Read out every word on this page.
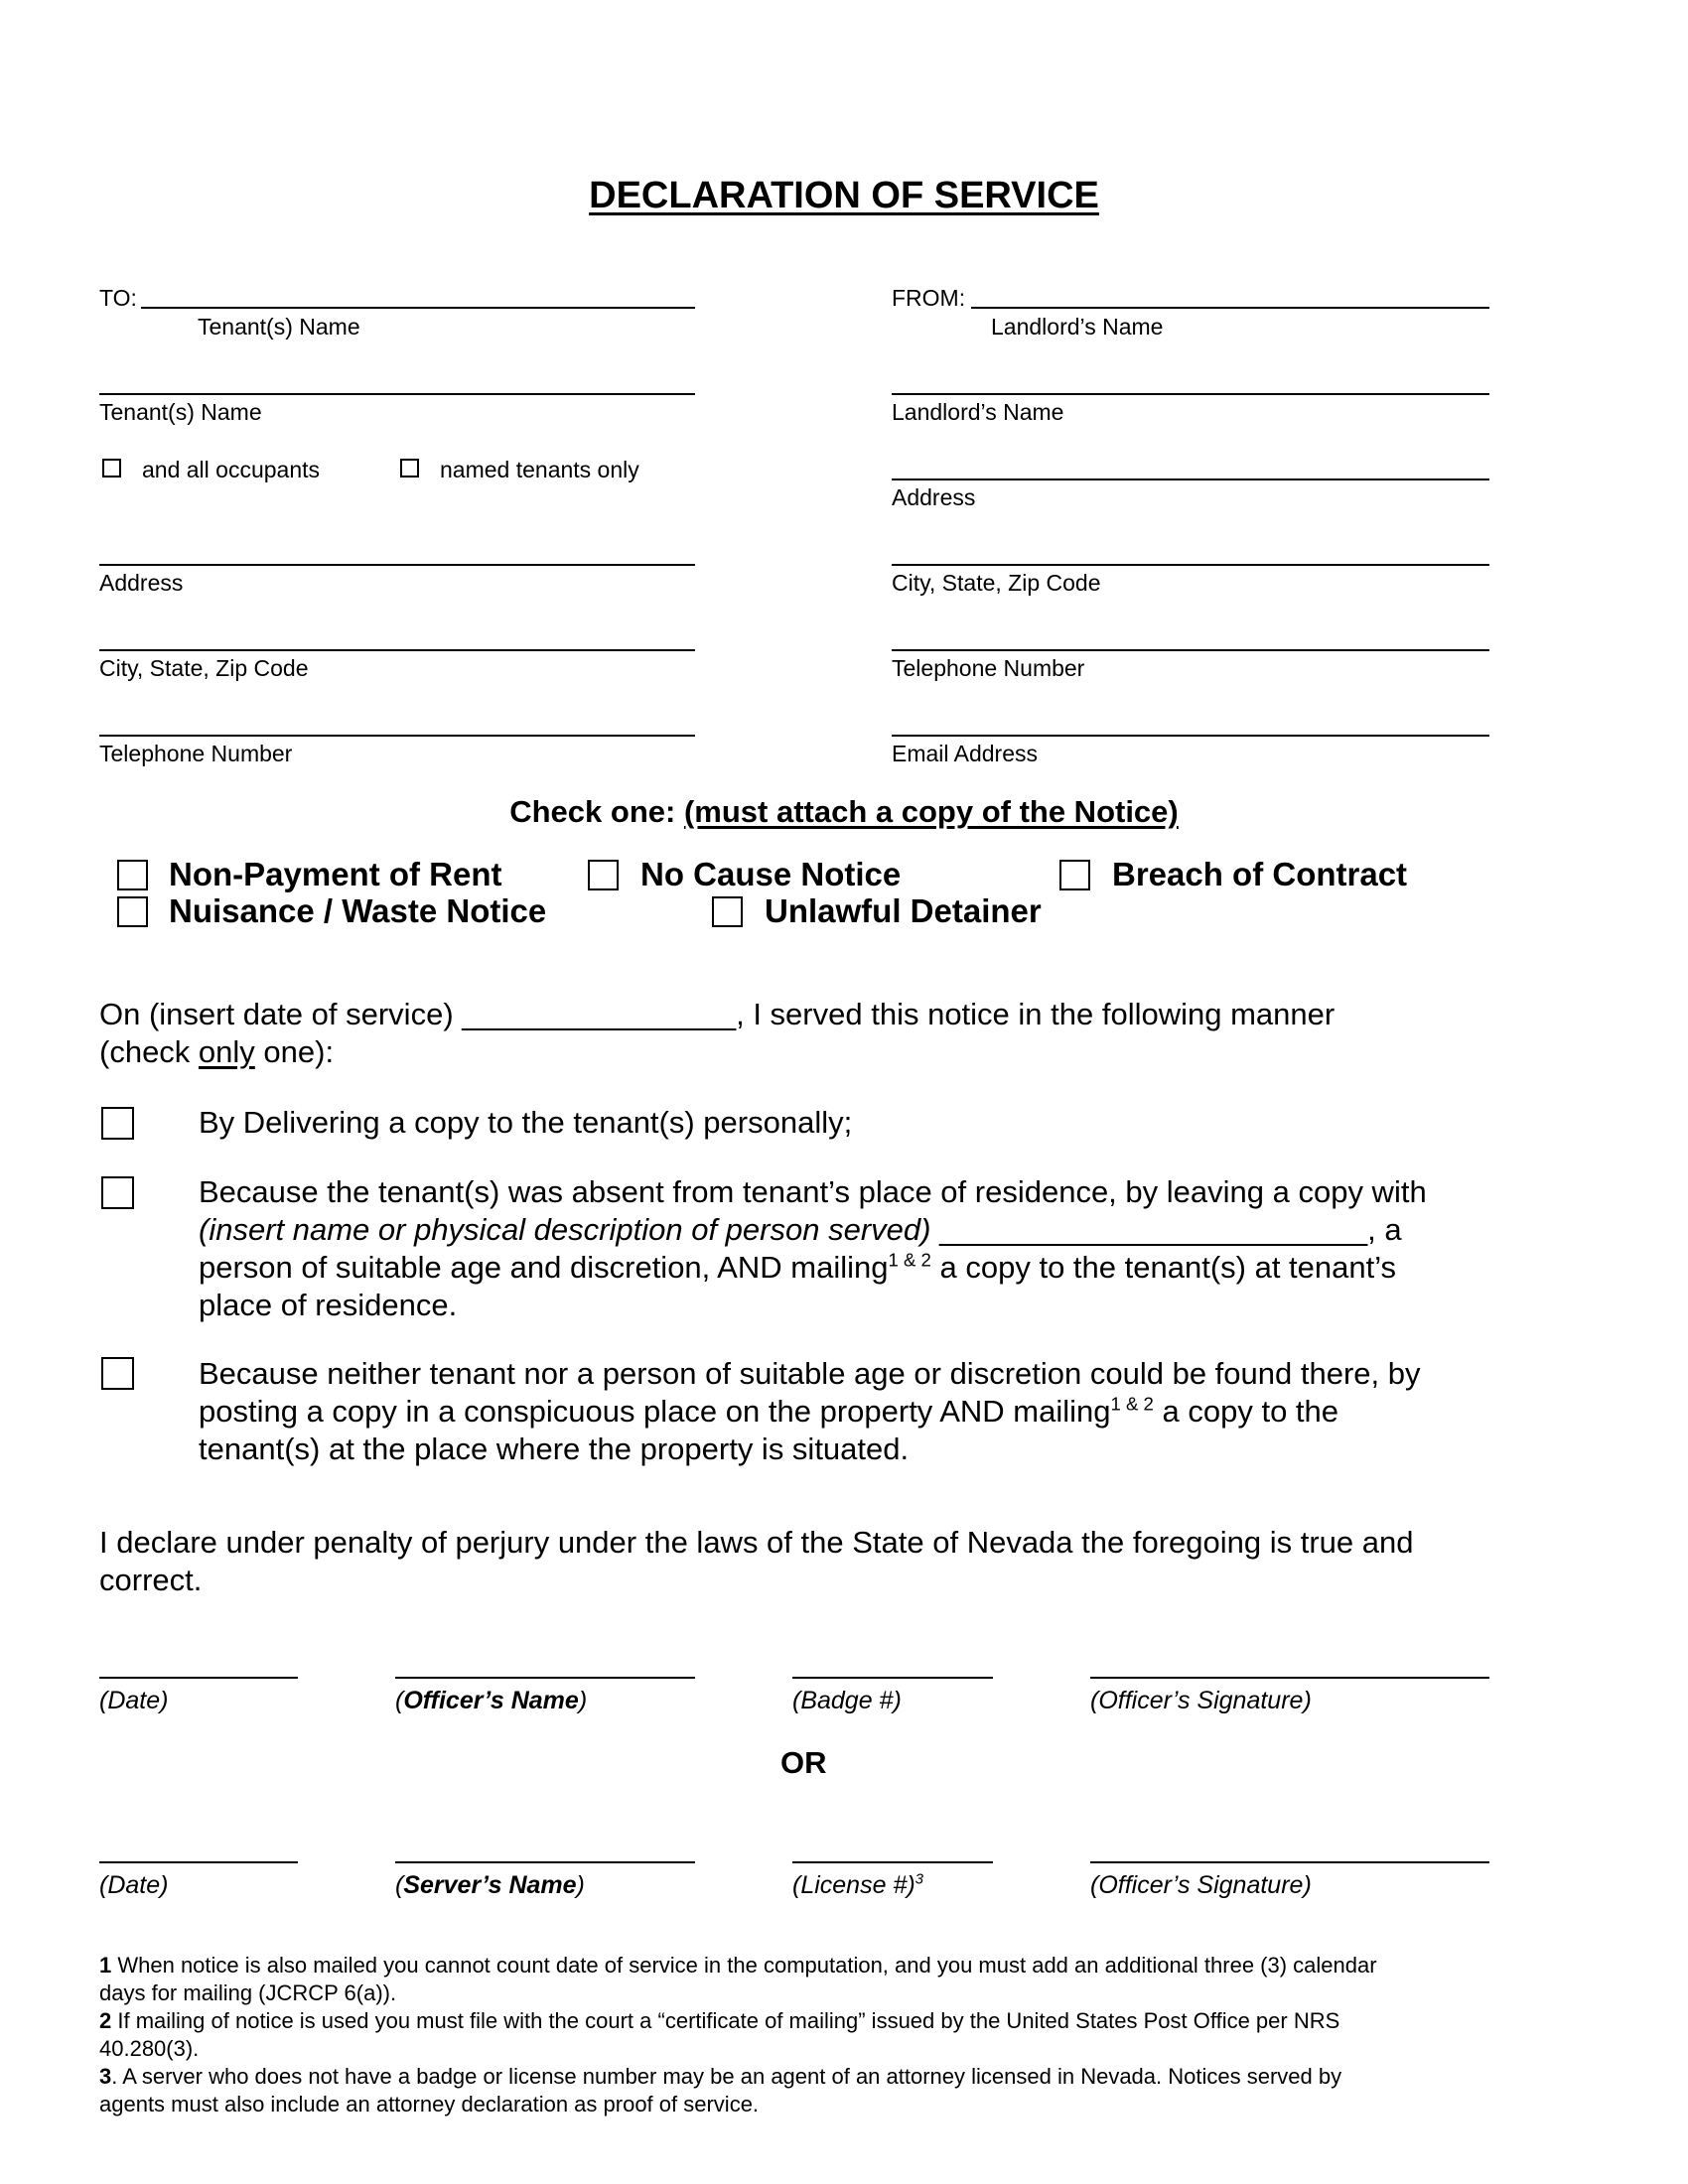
DECLARATION OF SERVICE
TO:
Tenant(s) Name
Tenant(s) Name
and all occupants	named tenants only
Address
City, State, Zip Code
Telephone Number
FROM:
Landlord’s Name
Landlord’s Name
Address
City, State, Zip Code
Telephone Number
Email Address
Check one: (must attach a copy of the Notice)
Non-Payment of Rent	No Cause Notice	Breach of Contract
Nuisance / Waste Notice	Unlawful Detainer
On (insert date of service) ________________, I served this notice in the following manner
(check only one):
By Delivering a copy to the tenant(s) personally;
Because the tenant(s) was absent from tenant’s place of residence, by leaving a copy with
(insert name or physical description of person served) _________________________, a
person of suitable age and discretion, AND mailing$^{1 \& 2}$ a copy to the tenant(s) at tenant’s
place of residence.
Because neither tenant nor a person of suitable age or discretion could be found there, by
posting a copy in a conspicuous place on the property AND mailing$^{1 \& 2}$ a copy to the
tenant(s) at the place where the property is situated.
I declare under penalty of perjury under the laws of the State of Nevada the foregoing is true and
correct.
(Date)	(Officer’s Name)	(Badge #)	(Officer’s Signature)
OR
(Date)	(Server’s Name)	(License #)$^3$	(Officer’s Signature)
1 When notice is also mailed you cannot count date of service in the computation, and you must add an additional three (3) calendar
days for mailing (JCRCP 6(a)).
2 If mailing of notice is used you must file with the court a “certificate of mailing” issued by the United States Post Office per NRS
40.280(3).
3. A server who does not have a badge or license number may be an agent of an attorney licensed in Nevada. Notices served by
agents must also include an attorney declaration as proof of service.
